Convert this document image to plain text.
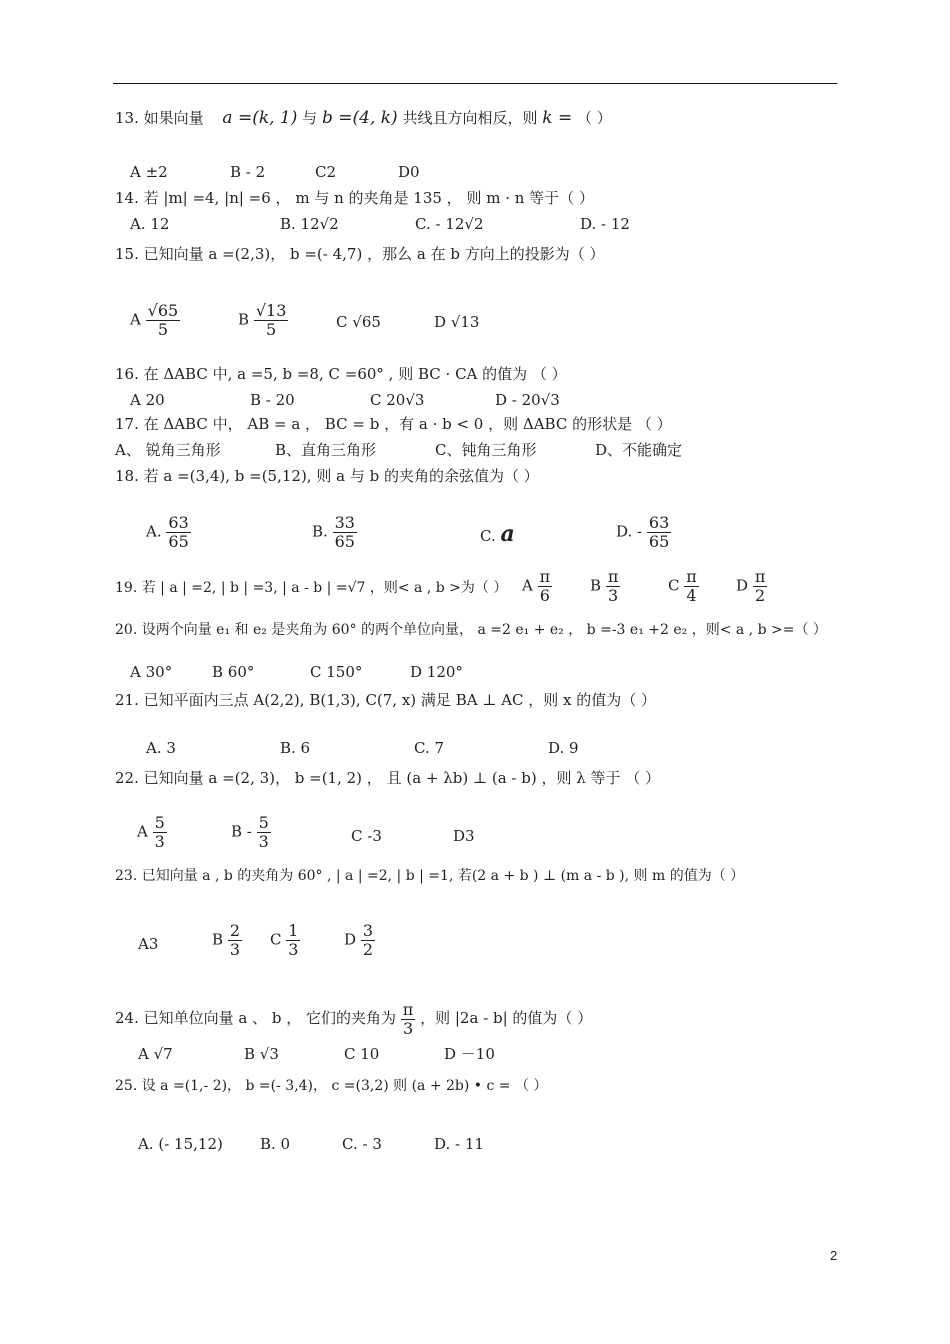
13. 如果向量 a =(k, 1) 与 b =(4, k) 共线且方向相反，则 k = （ ）
A ±2	B - 2	C2	D0
14. 若 |m| =4, |n| =6 ， m 与 n 的夹角是 135 ， 则 m · n 等于（ ）
A. 12	B. 12√2	C. - 12√2	D. - 12
15. 已知向量 a =(2,3)， b =(- 4,7) ，那么 a 在 b 方向上的投影为（ ）
A $\frac{√65}{5}$	B $\frac{√13}{5}$	C √65	D √13
16. 在 ΔABC 中, a =5, b =8, C =60° , 则 BC · CA 的值为 （ ）
A 20	B - 20	C 20√3	D - 20√3
17. 在 ΔABC 中， AB = a ， BC = b ，有 a · b < 0 ，则 ΔABC 的形状是 （ ）
A、 锐角三角形	B、直角三角形	C、钝角三角形	D、不能确定
18. 若 a =(3,4), b =(5,12), 则 a 与 b 的夹角的余弦值为（ ）
A. $\frac{63}{65}$	B. $\frac{33}{65}$	C. a	D. - $\frac{63}{65}$
19. 若 | a | =2, | b | =3, | a - b | =√7 ，则< a , b >为（ ） A $\frac{\pi}{6}$	B $\frac{\pi}{3}$	C $\frac{\pi}{4}$ D $\frac{\pi}{2}$
20. 设两个向量 e₁ 和 e₂ 是夹角为 60° 的两个单位向量， a =2 e₁ + e₂ ， b =-3 e₁ +2 e₂ ，则< a , b >=（ ）
A 30°	B 60°	C 150°	D 120°
21. 已知平面内三点 A(2,2), B(1,3), C(7, x) 满足 BA ⊥ AC ，则 x 的值为（ ）
A. 3	B. 6	C. 7	D. 9
22. 已知向量 a =(2, 3)， b =(1, 2) ， 且 (a + λb) ⊥ (a - b) ，则 λ 等于 （ ）
A $\frac{5}{3}$	B - $\frac{5}{3}$	C -3	D3
23. 已知向量 a , b 的夹角为 60° , | a | =2, | b | =1, 若(2 a + b ) ⊥ (m a - b ), 则 m 的值为（ ）
A3	B $\frac{2}{3}$ C $\frac{1}{3}$	D $\frac{3}{2}$
24. 已知单位向量 a 、 b ， 它们的夹角为 $\frac{\pi}{3}$ ，则 |2a - b| 的值为（ ）
A √7	B √3	C 10	D －10
25. 设 a =(1,- 2)， b =(- 3,4)， c =(3,2) 则 (a + 2b) • c = （ ）
A. (- 15,12) B. 0	C. - 3	D. - 11
2
